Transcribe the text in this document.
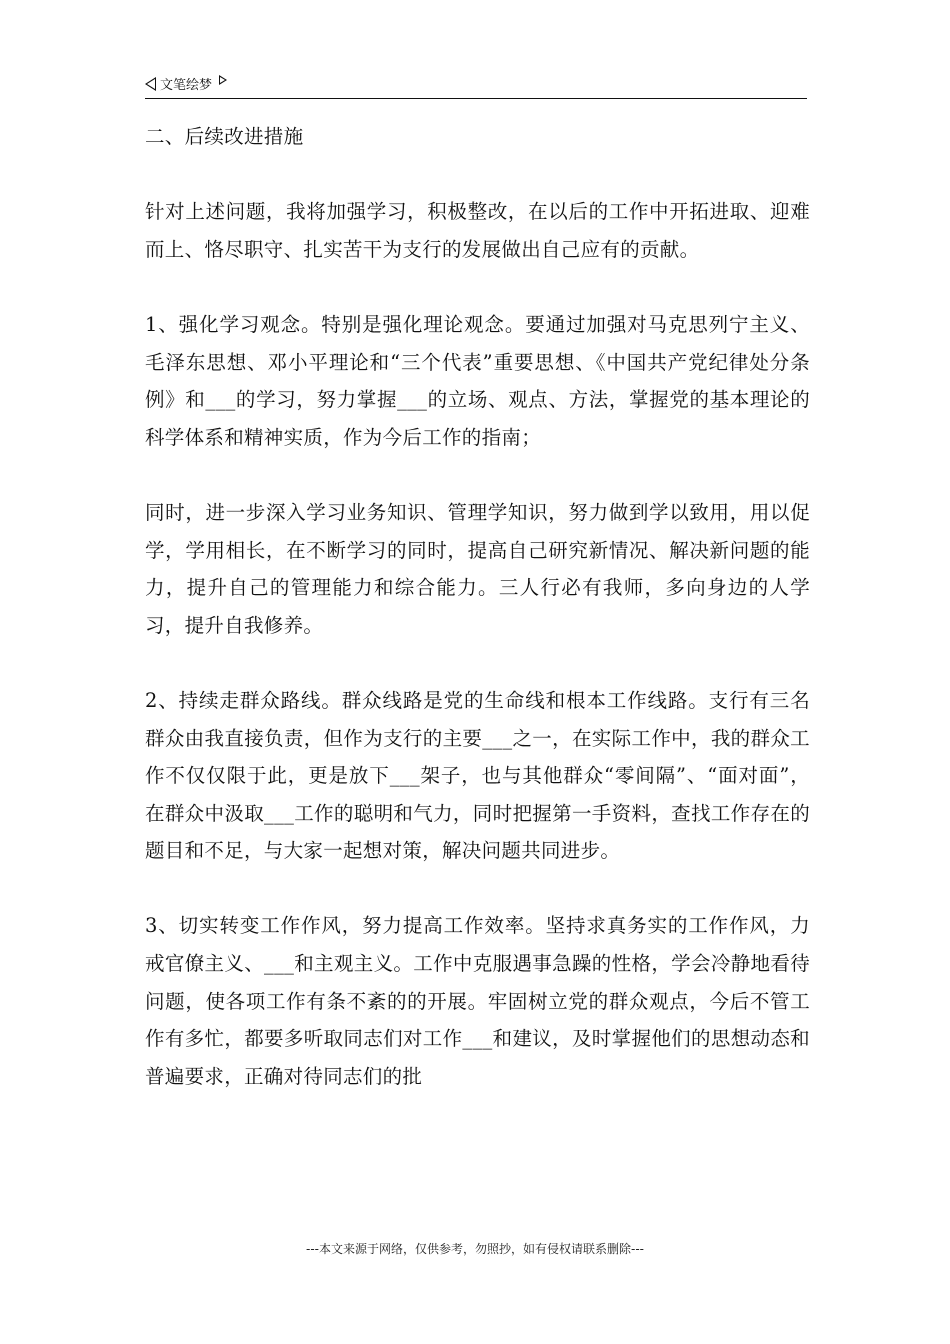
文笔绘梦

二、后续改进措施

针对上述问题，我将加强学习，积极整改，在以后的工作中开拓进取、迎难而上、恪尽职守、扎实苦干为支行的发展做出自己应有的贡献。

1、强化学习观念。特别是强化理论观念。要通过加强对马克思列宁主义、毛泽东思想、邓小平理论和“三个代表”重要思想、《中国共产党纪律处分条例》和___的学习，努力掌握___的立场、观点、方法，掌握党的基本理论的科学体系和精神实质，作为今后工作的指南；

同时，进一步深入学习业务知识、管理学知识，努力做到学以致用，用以促学，学用相长，在不断学习的同时，提高自己研究新情况、解决新问题的能力，提升自己的管理能力和综合能力。三人行必有我师，多向身边的人学习，提升自我修养。

2、持续走群众路线。群众线路是党的生命线和根本工作线路。支行有三名群众由我直接负责，但作为支行的主要___之一，在实际工作中，我的群众工作不仅仅限于此，更是放下___架子，也与其他群众“零间隔”、“面对面”，在群众中汲取___工作的聪明和气力，同时把握第一手资料，查找工作存在的题目和不足，与大家一起想对策，解决问题共同进步。

3、切实转变工作作风，努力提高工作效率。坚持求真务实的工作作风，力戒官僚主义、___和主观主义。工作中克服遇事急躁的性格，学会冷静地看待问题，使各项工作有条不紊的的开展。牢固树立党的群众观点，今后不管工作有多忙，都要多听取同志们对工作___和建议，及时掌握他们的思想动态和普遍要求，正确对待同志们的批

---本文来源于网络，仅供参考，勿照抄，如有侵权请联系删除---
